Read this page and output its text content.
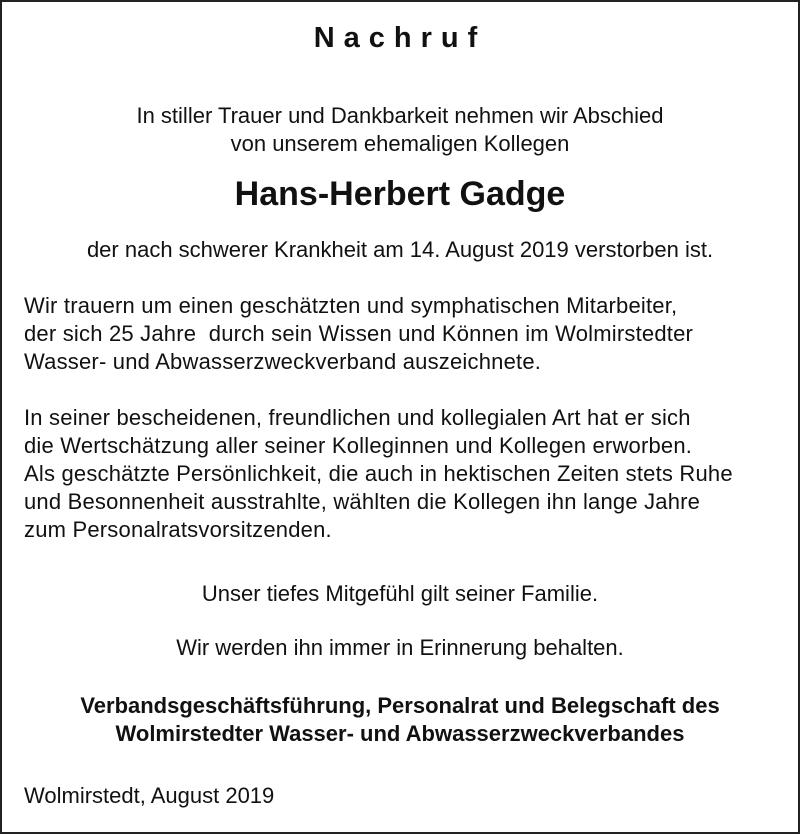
Nachruf
In stiller Trauer und Dankbarkeit nehmen wir Abschied
von unserem ehemaligen Kollegen
Hans-Herbert Gadge
der nach schwerer Krankheit am 14. August 2019 verstorben ist.
Wir trauern um einen geschätzten und symphatischen Mitarbeiter,
der sich 25 Jahre  durch sein Wissen und Können im Wolmirstedter
Wasser- und Abwasserzweckverband auszeichnete.
In seiner bescheidenen, freundlichen und kollegialen Art hat er sich
die Wertschätzung aller seiner Kolleginnen und Kollegen erworben.
Als geschätzte Persönlichkeit, die auch in hektischen Zeiten stets Ruhe
und Besonnenheit ausstrahlte, wählten die Kollegen ihn lange Jahre
zum Personalratsvorsitzenden.
Unser tiefes Mitgefühl gilt seiner Familie.
Wir werden ihn immer in Erinnerung behalten.
Verbandsgeschäftsführung, Personalrat und Belegschaft des
Wolmirstedter Wasser- und Abwasserzweckverbandes
Wolmirstedt, August 2019
